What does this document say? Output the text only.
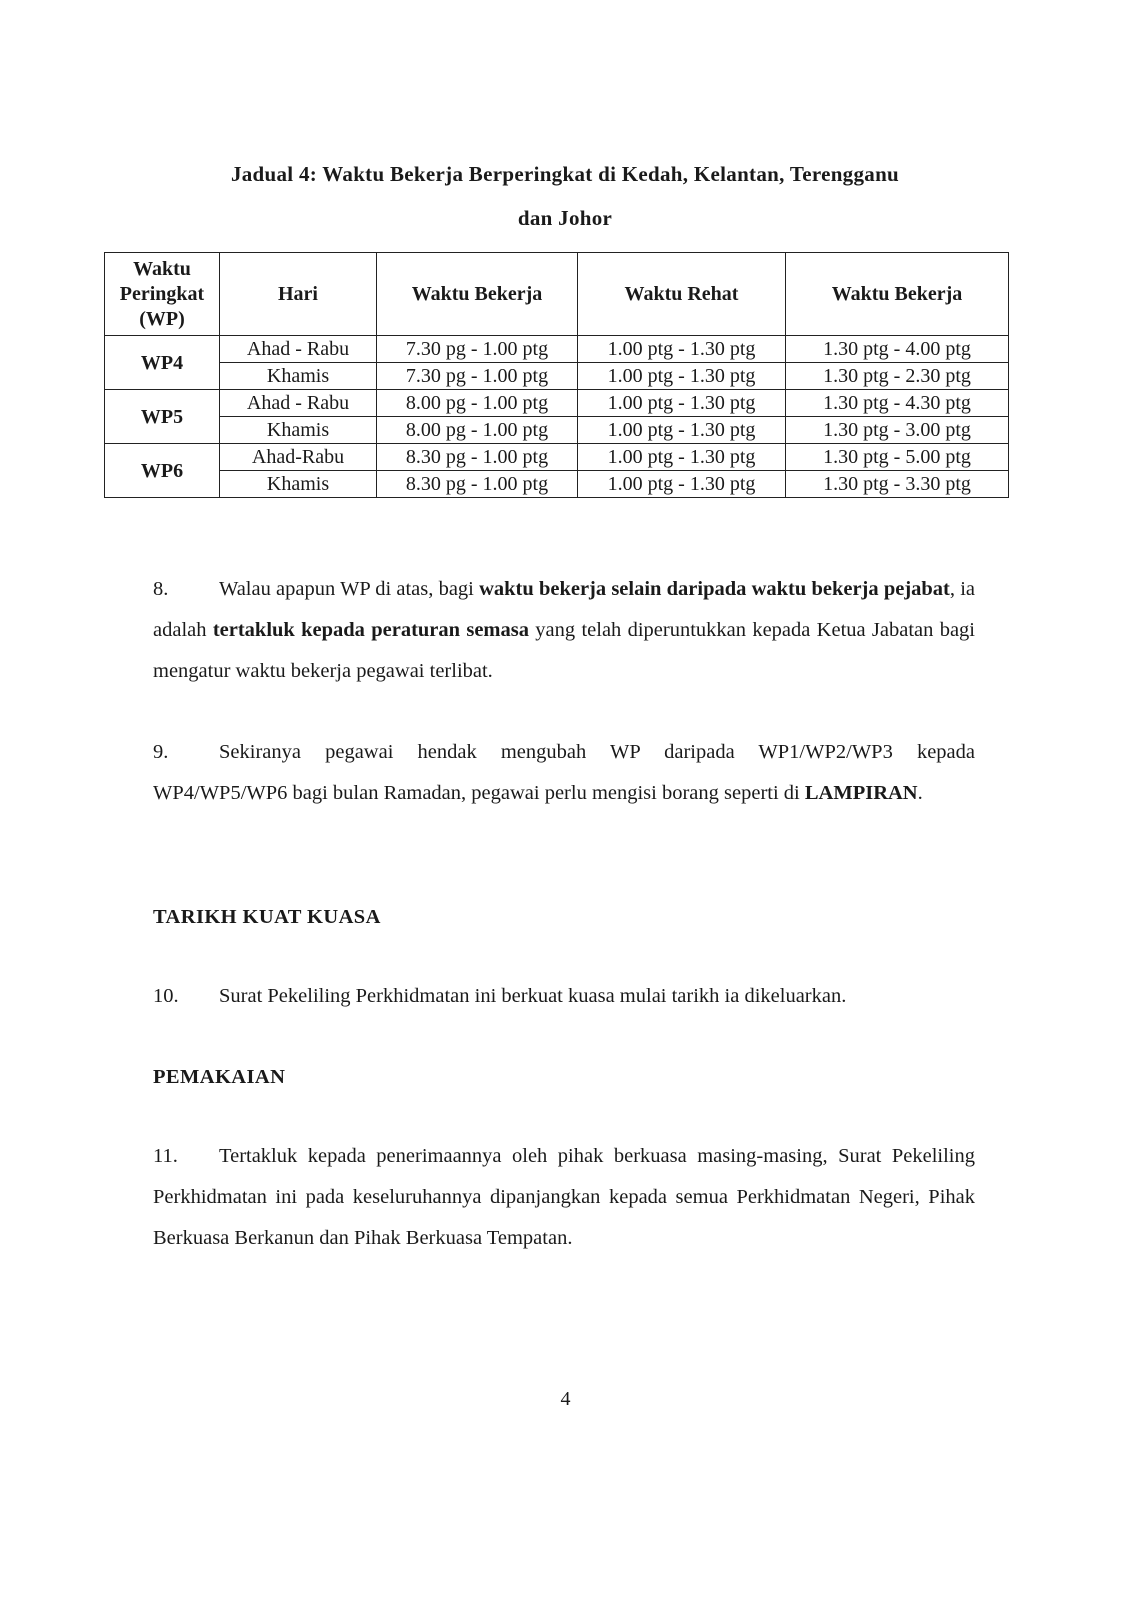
Jadual 4: Waktu Bekerja Berperingkat di Kedah, Kelantan, Terengganu
dan Johor
Waktu
Peringkat
(WP)	Hari	Waktu Bekerja	Waktu Rehat	Waktu Bekerja
WP4	Ahad - Rabu	7.30 pg - 1.00 ptg	1.00 ptg - 1.30 ptg	1.30 ptg - 4.00 ptg
	Khamis	7.30 pg - 1.00 ptg	1.00 ptg - 1.30 ptg	1.30 ptg - 2.30 ptg
WP5	Ahad - Rabu	8.00 pg - 1.00 ptg	1.00 ptg - 1.30 ptg	1.30 ptg - 4.30 ptg
	Khamis	8.00 pg - 1.00 ptg	1.00 ptg - 1.30 ptg	1.30 ptg - 3.00 ptg
WP6	Ahad-Rabu	8.30 pg - 1.00 ptg	1.00 ptg - 1.30 ptg	1.30 ptg - 5.00 ptg
	Khamis	8.30 pg - 1.00 ptg	1.00 ptg - 1.30 ptg	1.30 ptg - 3.30 ptg
8. Walau apapun WP di atas, bagi waktu bekerja selain daripada waktu bekerja pejabat, ia adalah tertakluk kepada peraturan semasa yang telah diperuntukkan kepada Ketua Jabatan bagi mengatur waktu bekerja pegawai terlibat.
9. Sekiranya pegawai hendak mengubah WP daripada WP1/WP2/WP3 kepada WP4/WP5/WP6 bagi bulan Ramadan, pegawai perlu mengisi borang seperti di LAMPIRAN.
TARIKH KUAT KUASA
10. Surat Pekeliling Perkhidmatan ini berkuat kuasa mulai tarikh ia dikeluarkan.
PEMAKAIAN
11. Tertakluk kepada penerimaannya oleh pihak berkuasa masing-masing, Surat Pekeliling Perkhidmatan ini pada keseluruhannya dipanjangkan kepada semua Perkhidmatan Negeri, Pihak Berkuasa Berkanun dan Pihak Berkuasa Tempatan.
4
